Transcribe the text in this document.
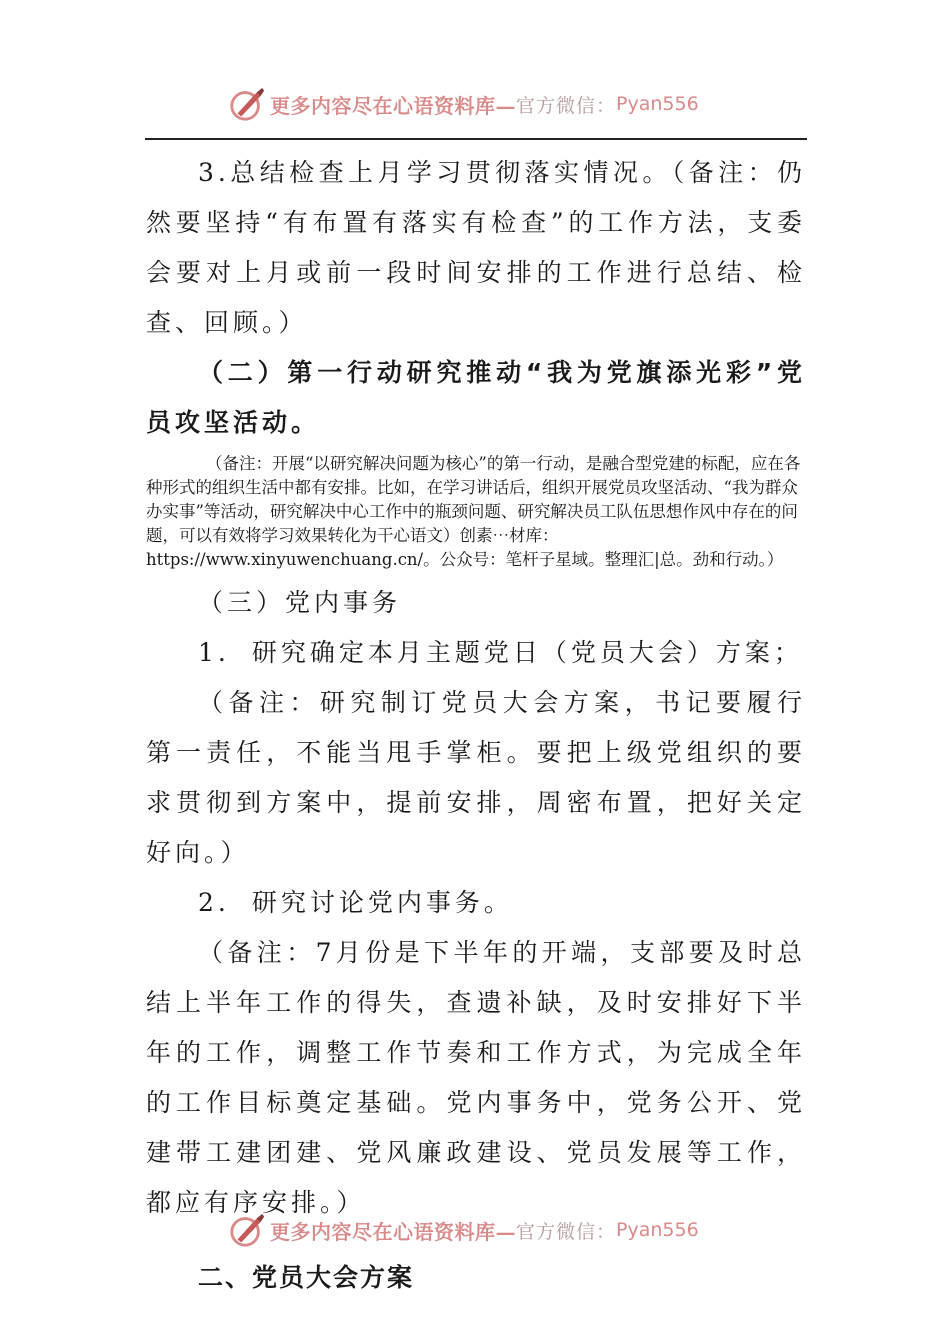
更多内容尽在心语资料库— 官方微信： Pyan556

3.总结检查上月学习贯彻落实情况。（备注：仍然要坚持“有布置有落实有检查”的工作方法，支委会要对上月或前一段时间安排的工作进行总结、检查、回顾。）

（二）第一行动研究推动“我为党旗添光彩”党员攻坚活动。

（备注：开展“以研究解决问题为核心”的第一行动，是融合型党建的标配，应在各种形式的组织生活中都有安排。比如，在学习讲话后，组织开展党员攻坚活动、“我为群众办实事”等活动，研究解决中心工作中的瓶颈问题、研究解决员工队伍思想作风中存在的问题，可以有效将学习效果转化为干心语文）创素⋯材库：https://www.xinyuwenchuang.cn/。公众号：笔杆子星域。整理汇|总。劲和行动。）

（三）党内事务

1. 研究确定本月主题党日（党员大会）方案；

（备注：研究制订党员大会方案，书记要履行第一责任，不能当甩手掌柜。要把上级党组织的要求贯彻到方案中，提前安排，周密布置，把好关定好向。）

2. 研究讨论党内事务。

（备注：7月份是下半年的开端，支部要及时总结上半年工作的得失，查遗补缺，及时安排好下半年的工作，调整工作节奏和工作方式，为完成全年的工作目标奠定基础。党内事务中，党务公开、党建带工建团建、党风廉政建设、党员发展等工作，都应有序安排。）

二、党员大会方案

更多内容尽在心语资料库— 官方微信： Pyan556
